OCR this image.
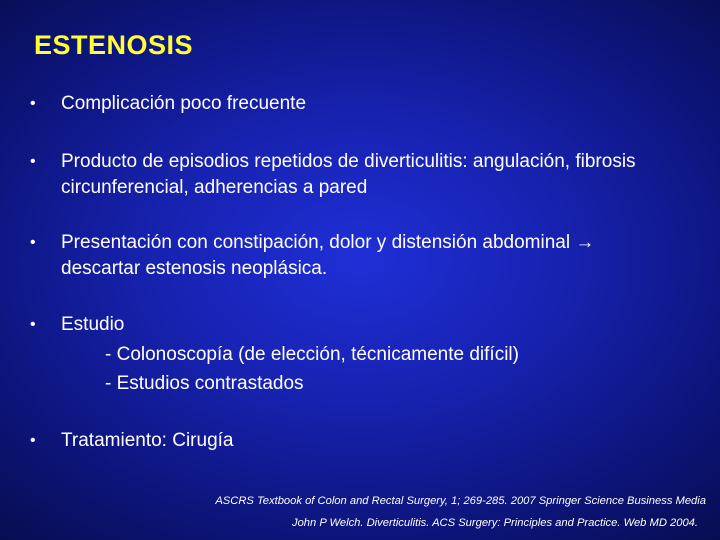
ESTENOSIS
•	Complicación poco frecuente
•	Producto de episodios repetidos de diverticulitis: angulación, fibrosis circunferencial, adherencias a pared
•	Presentación con constipación, dolor y distensión abdominal →
descartar estenosis neoplásica.
•	Estudio
- Colonoscopía (de elección, técnicamente difícil)
- Estudios contrastados
•	Tratamiento: Cirugía
ASCRS Textbook of Colon and Rectal Surgery, 1; 269-285. 2007 Springer Science Business Media
John P Welch. Diverticulitis. ACS Surgery: Principles and Practice. Web MD 2004.
